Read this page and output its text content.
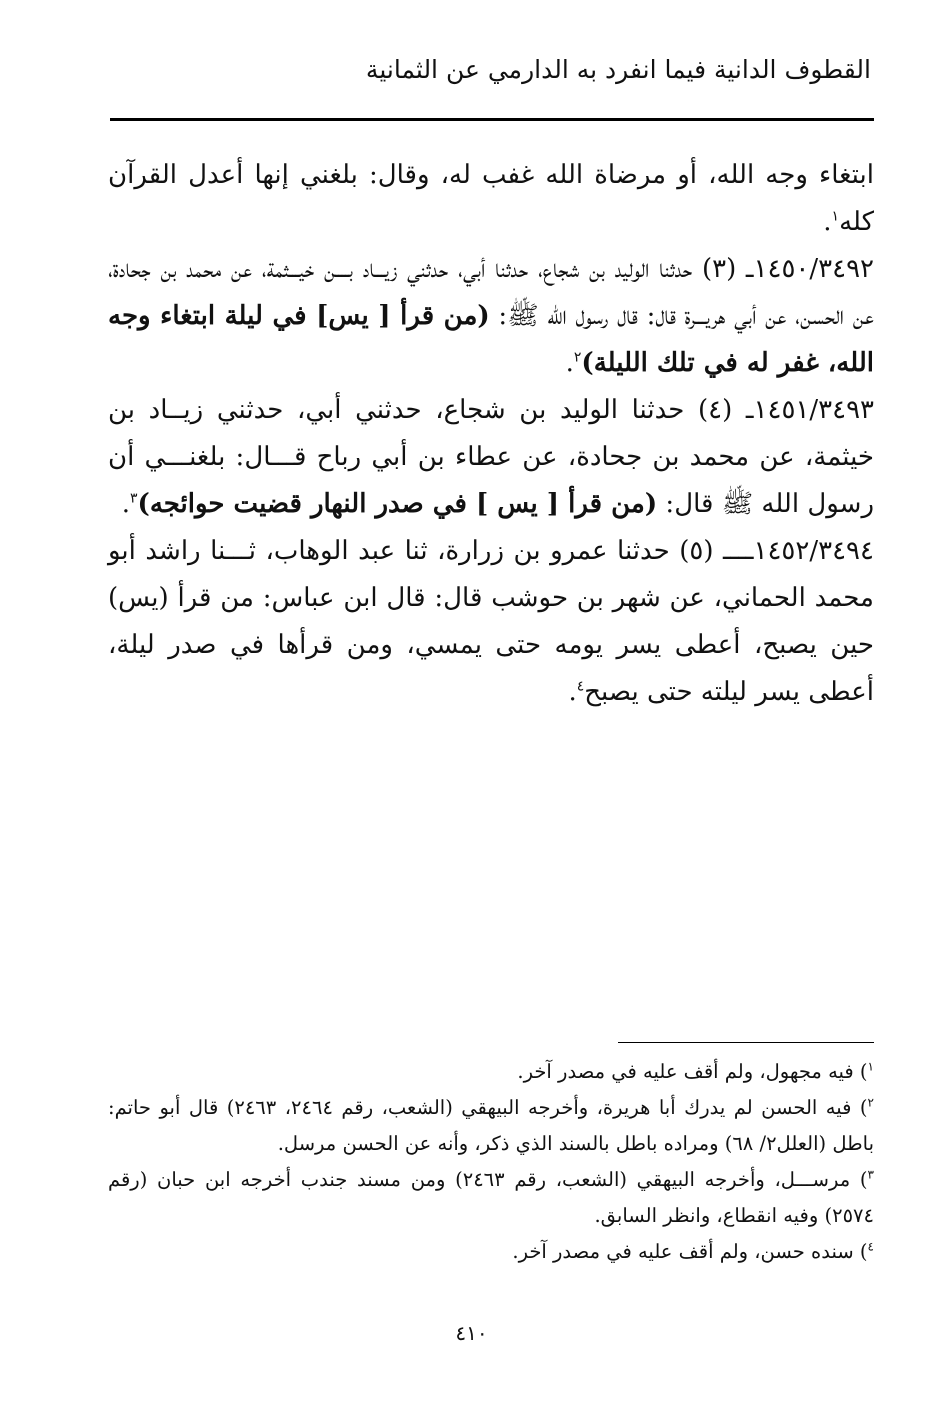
القطوف الدانية فيما انفرد به الدارمي عن الثمانية

ابتغاء وجه الله، أو مرضاة الله غفب له، وقال: بلغني إنها أعدل القرآن كله$^١$.

١٤٥٠/٣٤٩٢ـ (٣) حدثنا الوليد بن شجاع، حدثنا أبي، حدثني زيـــاد بــــن خيـــثمة، عن محمد بن جحادة، عن الحسن، عن أبي هريـــرة قال: قال رسول الله ﷺ: (من قرأ [ يس] في ليلة ابتغاء وجه الله، غفر له في تلك الليلة)$^٢$.

١٤٥١/٣٤٩٣ـ (٤) حدثنا الوليد بن شجاع، حدثني أبي، حدثني زيــاد بن خيثمة، عن محمد بن جحادة، عن عطاء بن أبي رباح قـــال: بلغنـــي أن رسول الله ﷺ قال: (من قرأ [ يس ] في صدر النهار قضيت حوائجه)$^٣$.

١٤٥٢/٣٤٩٤ــــ (٥) حدثنا عمرو بن زرارة، ثنا عبد الوهاب، ثـــنا راشد أبو محمد الحماني، عن شهر بن حوشب قال: قال ابن عباس: من قرأ (يس) حين يصبح، أعطى يسر يومه حتى يمسي، ومن قرأها في صدر ليلة، أعطى يسر ليلته حتى يصبح$^٤$.

$^١$) فيه مجهول، ولم أقف عليه في مصدر آخر.

$^٢$) فيه الحسن لم يدرك أبا هريرة، وأخرجه البيهقي (الشعب، رقم ٢٤٦٤، ٢٤٦٣) قال أبو حاتم: باطل (العلل٢/ ٦٨) ومراده باطل بالسند الذي ذكر، وأنه عن الحسن مرسل.

$^٣$) مرســـل، وأخرجه البيهقي (الشعب، رقم ٢٤٦٣) ومن مسند جندب أخرجه ابن حبان (رقم ٢٥٧٤) وفيه انقطاع، وانظر السابق.

$^٤$) سنده حسن، ولم أقف عليه في مصدر آخر.

٤١٠
